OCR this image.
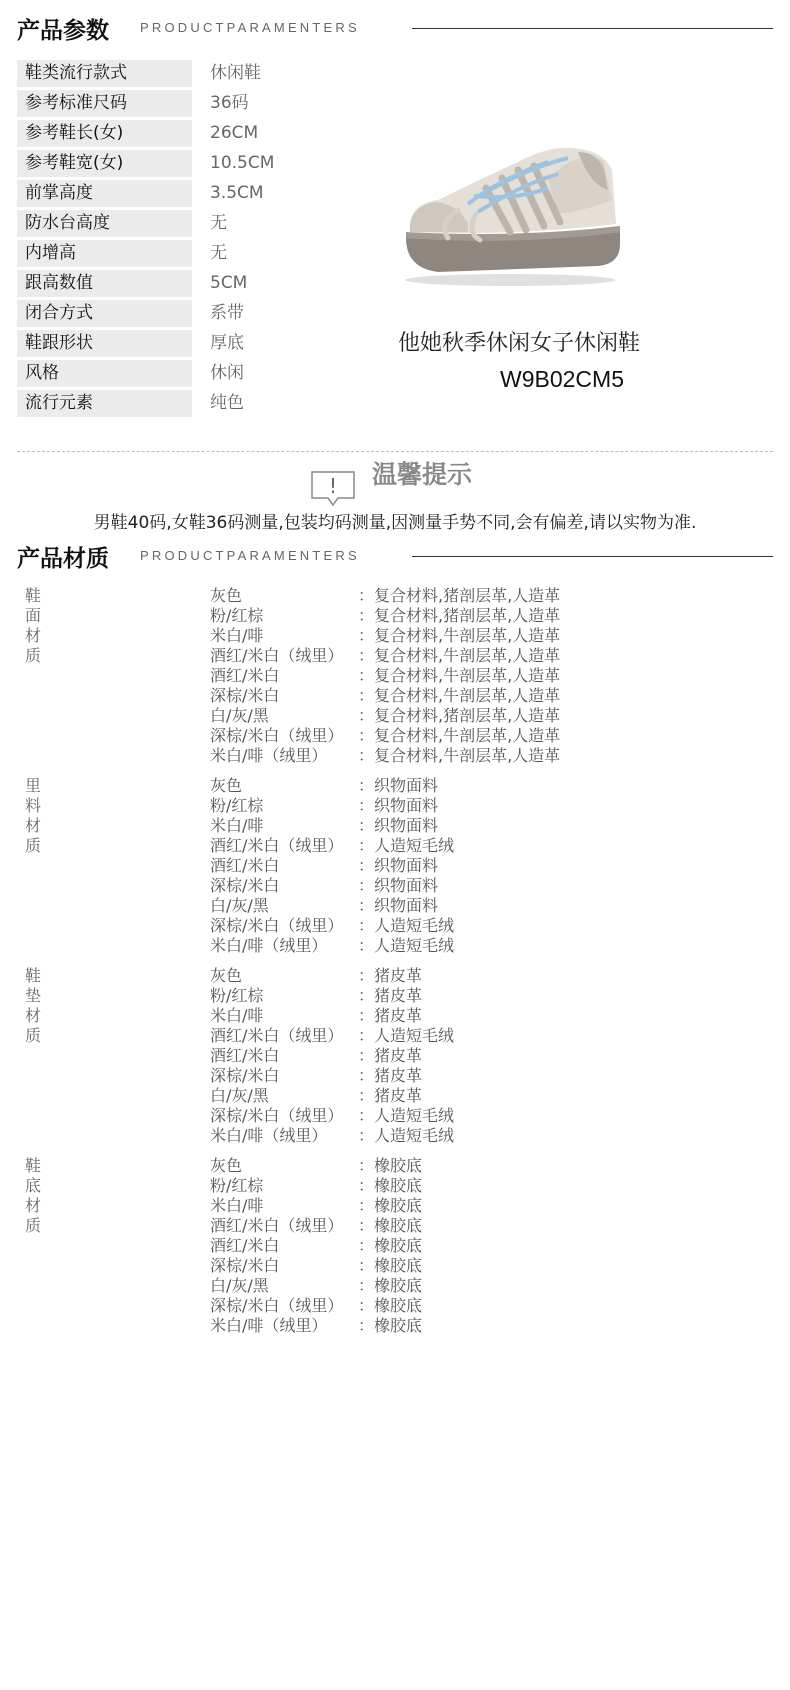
产品参数 PRODUCTPARAMENTERS
鞋类流行款式	休闲鞋
参考标准尺码	36码
参考鞋长(女)	26CM
参考鞋宽(女)	10.5CM
前掌高度	3.5CM
防水台高度	无
内增高	无
跟高数值	5CM
闭合方式	系带
鞋跟形状	厚底
风格	休闲
流行元素	纯色
他她秋季休闲女子休闲鞋
W9B02CM5
! 温馨提示
男鞋40码,女鞋36码测量,包装均码测量,因测量手势不同,会有偏差,请以实物为准.
产品材质 PRODUCTPARAMENTERS
鞋面材质
灰色	：复合材料,猪剖层革,人造革
粉/红棕	：复合材料,猪剖层革,人造革
米白/啡	：复合材料,牛剖层革,人造革
酒红/米白（绒里） ：复合材料,牛剖层革,人造革
酒红/米白	：复合材料,牛剖层革,人造革
深棕/米白	：复合材料,牛剖层革,人造革
白/灰/黑	：复合材料,猪剖层革,人造革
深棕/米白（绒里） ：复合材料,牛剖层革,人造革
米白/啡（绒里） ：复合材料,牛剖层革,人造革
里料材质
灰色	：织物面料
粉/红棕	：织物面料
米白/啡	：织物面料
酒红/米白（绒里） ：人造短毛绒
酒红/米白	：织物面料
深棕/米白	：织物面料
白/灰/黑	：织物面料
深棕/米白（绒里） ：人造短毛绒
米白/啡（绒里） ：人造短毛绒
鞋垫材质
灰色	：猪皮革
粉/红棕	：猪皮革
米白/啡	：猪皮革
酒红/米白（绒里） ：人造短毛绒
酒红/米白	：猪皮革
深棕/米白	：猪皮革
白/灰/黑	：猪皮革
深棕/米白（绒里） ：人造短毛绒
米白/啡（绒里） ：人造短毛绒
鞋底材质
灰色	：橡胶底
粉/红棕	：橡胶底
米白/啡	：橡胶底
酒红/米白（绒里） ：橡胶底
酒红/米白	：橡胶底
深棕/米白	：橡胶底
白/灰/黑	：橡胶底
深棕/米白（绒里） ：橡胶底
米白/啡（绒里） ：橡胶底
